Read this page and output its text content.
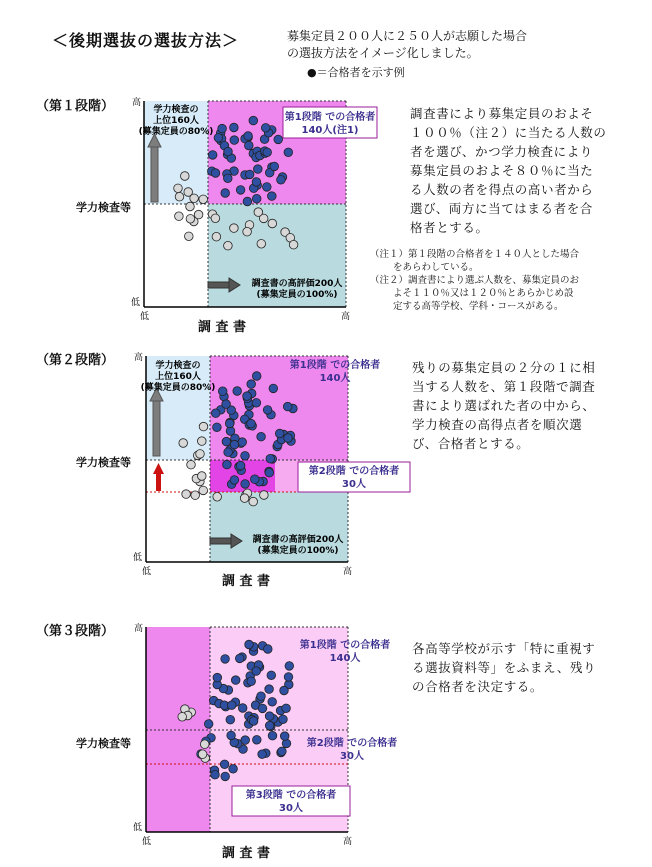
＜後期選抜の選抜方法＞	募集定員２００人に２５０人が志願した場合
の選抜方法をイメージ化しました。
●＝合格者を示す例
（第１段階）
学力検査等
調 査 書
高
低
低	高
学力検査の
上位160人
(募集定員の80%)
調査書の高評価200人
(募集定員の100%)
第1段階 での合格者
140人(注1)
調査書により募集定員のおよそ
１００％（注２）に当たる人数の
者を選び、かつ学力検査により
募集定員のおよそ８０％に当た
る人数の者を得点の高い者から
選び、両方に当てはまる者を合
格者とする。
（注１）第１段階の合格者を１４０人とした場合
をあらわしている。
（注２）調査書により選ぶ人数を、募集定員のお
よそ１１０％又は１２０％とあらかじめ設
定する高等学校、学科・コースがある。
（第２段階）
学力検査等
調 査 書
高
低
低	高
学力検査の
上位160人
(募集定員の80%)
調査書の高評価200人
(募集定員の100%)
第1段階 での合格者
140人
第2段階 での合格者
30人
残りの募集定員の２分の１に相
当する人数を、第１段階で調査
書により選ばれた者の中から、
学力検査の高得点者を順次選
び、合格者とする。
（第３段階）
学力検査等
調 査 書
高
低
低	高
第1段階 での合格者
140人
第2段階 での合格者
30人
第3段階 での合格者
30人
各高等学校が示す「特に重視す
る選抜資料等」をふまえ、残り
の合格者を決定する。
